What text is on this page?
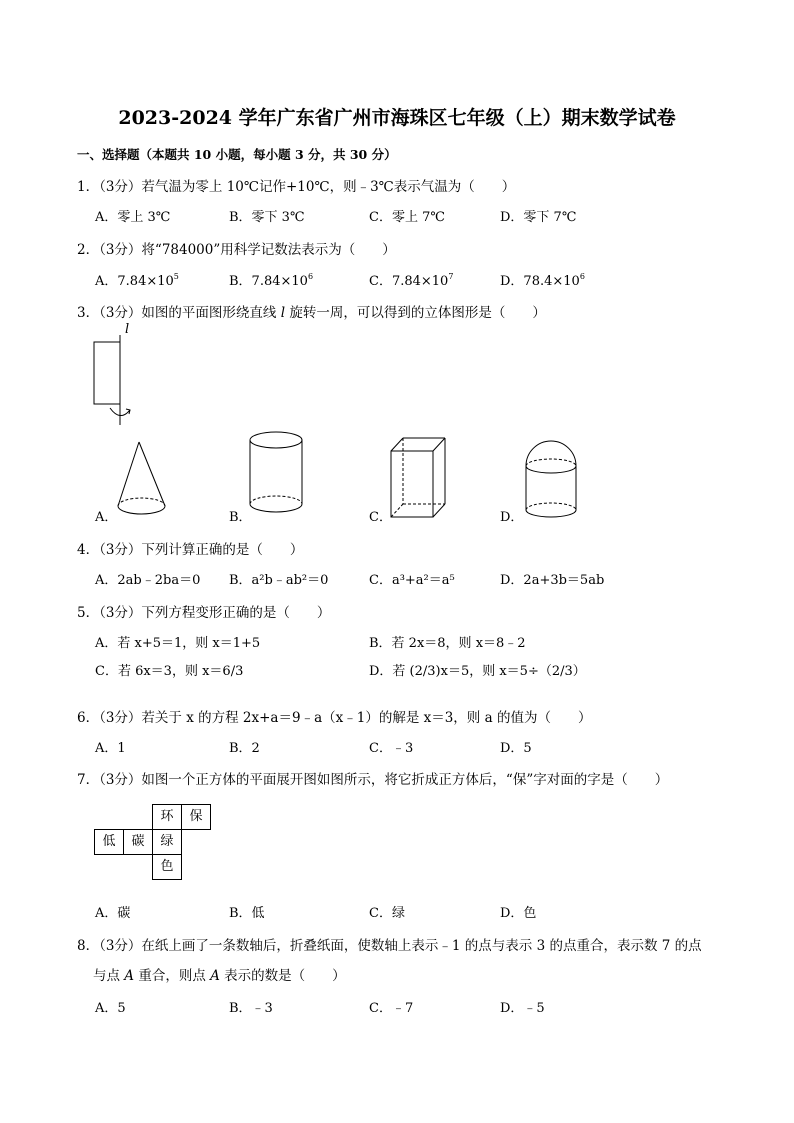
2023-2024 学年广东省广州市海珠区七年级（上）期末数学试卷
一、选择题（本题共 10 小题，每小题 3 分，共 30 分）
1．（3分）若气温为零上 10℃记作+10℃，则﹣3℃表示气温为（　　）
A．零上 3℃	B．零下 3℃	C．零上 7℃	D．零下 7℃
2．（3分）将“784000”用科学记数法表示为（　　）
A．$7.84\times 10^5$	B．$7.84\times 10^6$	C．$7.84\times 10^7$	D．$78.4\times 10^6$
3．（3分）如图的平面图形绕直线 l 旋转一周，可以得到的立体图形是（　　）
l
A．	B．	C．	D．
4．（3分）下列计算正确的是（　　）
A．2ab﹣2ba＝0 B．a²b﹣ab²＝0	C．a³+a²＝a⁵	D．2a+3b＝5ab
5．（3分）下列方程变形正确的是（　　）
A．若 x+5＝1，则 x＝1+5	B．若 2x＝8，则 x＝8﹣2
C．若 6x＝3，则 x＝6/3	D．若 (2/3)x＝5，则 x＝5÷（2/3）
6．（3分）若关于 x 的方程 2x+a＝9﹣a（x﹣1）的解是 x＝3，则 a 的值为（　　）
A．1	B．2	C．﹣3	D．5
7．（3分）如图一个正方体的平面展开图如图所示，将它折成正方体后，“保”字对面的字是（　　）
环	保
低	碳	绿
色
A．碳	B．低	C．绿	D．色
8．（3分）在纸上画了一条数轴后，折叠纸面，使数轴上表示﹣1 的点与表示 3 的点重合，表示数 7 的点
与点 A 重合，则点 A 表示的数是（　　）
A．5	B．﹣3	C．﹣7	D．﹣5
